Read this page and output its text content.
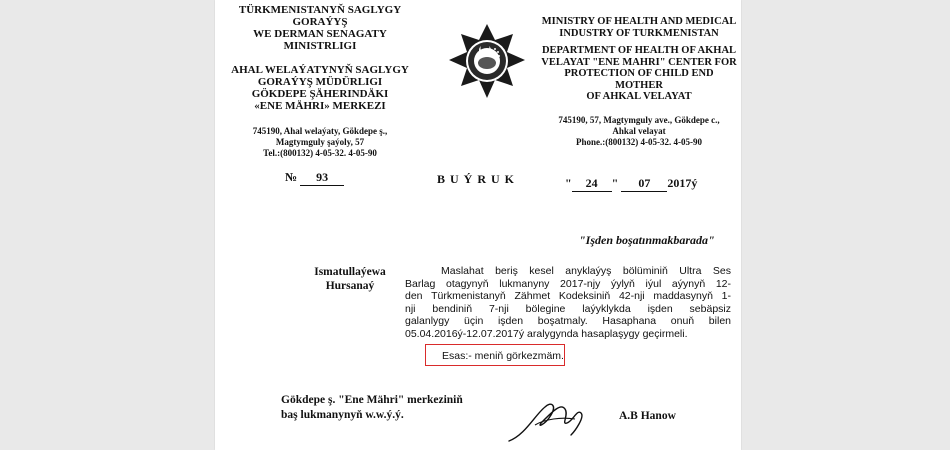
TÜRKMENISTANYŇ SAGLYGY GORAÝYŞ
WE DERMAN SENAGATY MINISTRLIGI
AHAL WELAÝATYNYŇ SAGLYGY
GORAÝYŞ MÜDÜRLIGI
GÖKDEPE ŞÄHERINDÄKI
«ENE MÄHRI» MERKEZI
745190, Ahal welaýaty, Gökdepe ş.,
Magtymguly şaýoly, 57
Tel.:(800132) 4-05-32. 4-05-90
MINISTRY OF HEALTH AND MEDICAL
INDUSTRY OF TURKMENISTAN
DEPARTMENT OF HEALTH OF AKHAL
VELAYAT "ENE MAHRI" CENTER FOR
PROTECTION OF CHILD END MOTHER
OF AHKAL VELAYAT
745190, 57, Magtymguly ave., Gökdepe c.,
Ahkal velayat
Phone.:(800132) 4-05-32. 4-05-90
№ 93	B U Ý R U K	" 24 " 07 2017ý
"Işden boşatınmakbarada"
Ismatullaýewa
Hursanaý
Maslahat beriş kesel anyklaýyş bölüminiň Ultra Ses
Barlag otagynyň lukmanyny 2017-njy ýylyň iýul aýynyň 12-
den Türkmenistanyň Zähmet Kodeksiniň 42-nji maddasynyň 1-
nji bendiniň 7-nji bölegine laýyklykda işden sebäpsiz
galanlygy üçin işden boşatmaly. Hasaphana onuň bilen
05.04.2016ý-12.07.2017ý aralygynda hasaplaşygy geçirmeli.
Esas:- meniň görkezmäm.
Gökdepe ş. "Ene Mähri" merkeziniň
baş lukmanynyň w.w.ý.ý.	A.B Hanow
